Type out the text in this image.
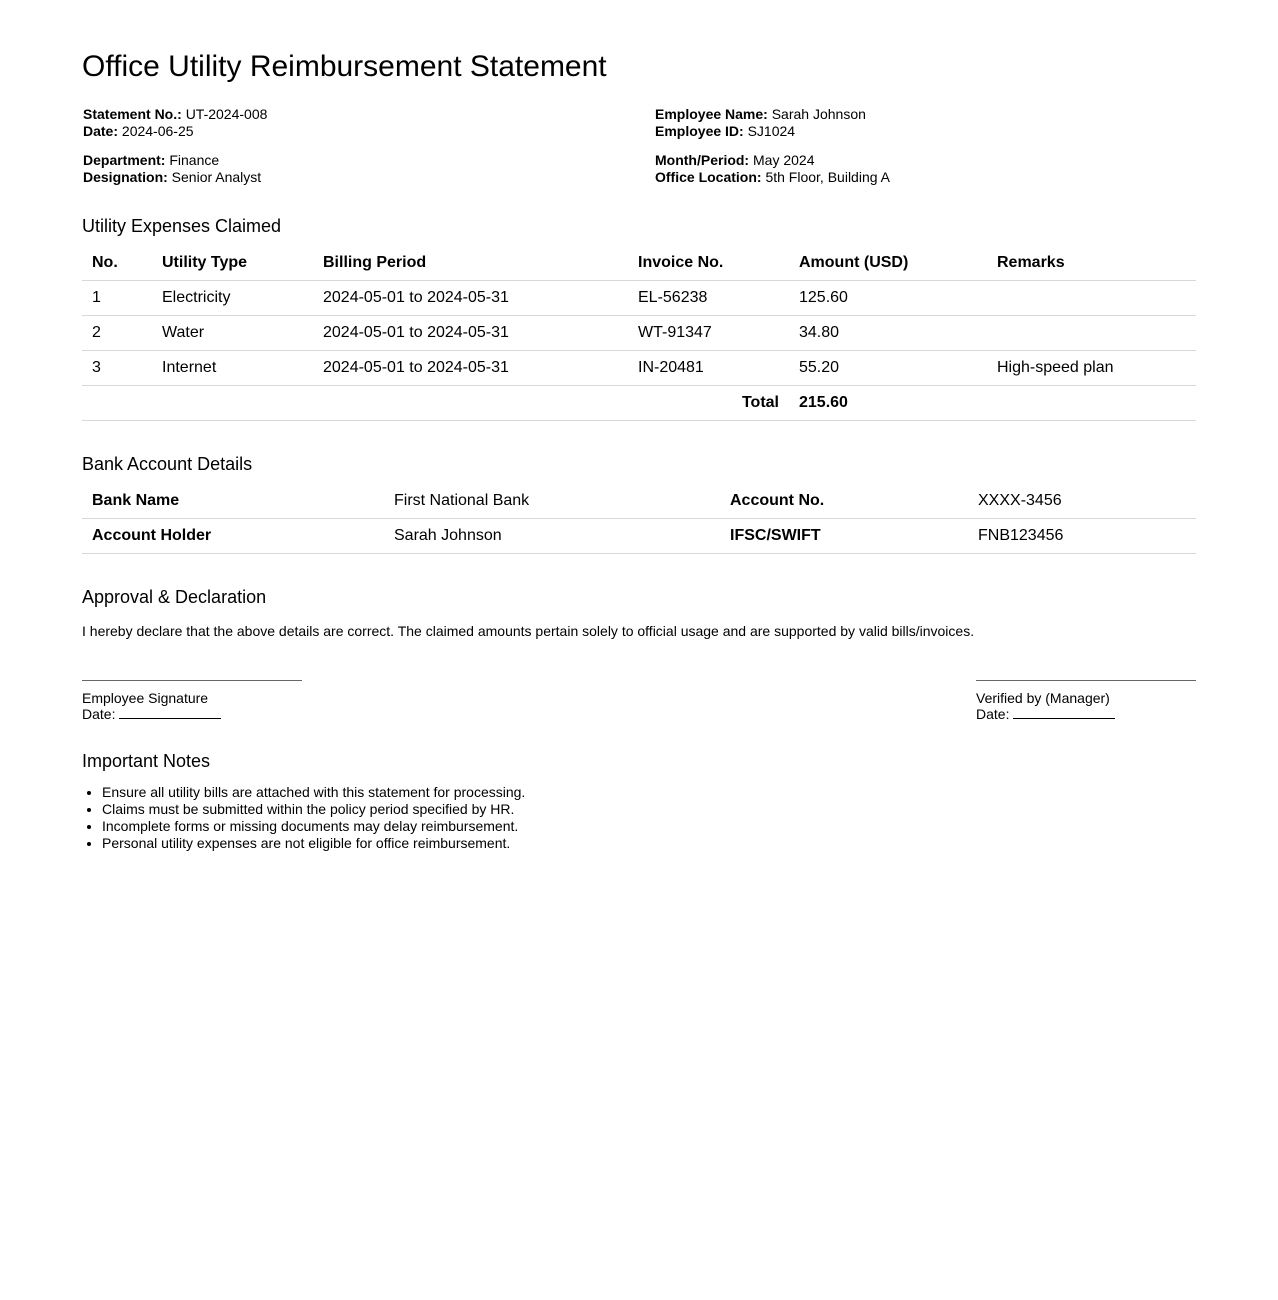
Office Utility Reimbursement Statement
Statement No.: UT-2024-008
Date: 2024-06-25
Department: Finance
Designation: Senior Analyst
Employee Name: Sarah Johnson
Employee ID: SJ1024
Month/Period: May 2024
Office Location: 5th Floor, Building A
Utility Expenses Claimed
No.	Utility Type	Billing Period	Invoice No.	Amount (USD)	Remarks
1	Electricity	2024-05-01 to 2024-05-31	EL-56238	125.60	
2	Water	2024-05-01 to 2024-05-31	WT-91347	34.80	
3	Internet	2024-05-01 to 2024-05-31	IN-20481	55.20	High-speed plan
Total				215.60	
Bank Account Details
Bank Name	First National Bank	Account No.	XXXX-3456
Account Holder	Sarah Johnson	IFSC/SWIFT	FNB123456
Approval & Declaration
I hereby declare that the above details are correct. The claimed amounts pertain solely to official usage and are supported by valid bills/invoices.
Employee Signature
Date:
Verified by (Manager)
Date:
Important Notes
• Ensure all utility bills are attached with this statement for processing.
• Claims must be submitted within the policy period specified by HR.
• Incomplete forms or missing documents may delay reimbursement.
• Personal utility expenses are not eligible for office reimbursement.
